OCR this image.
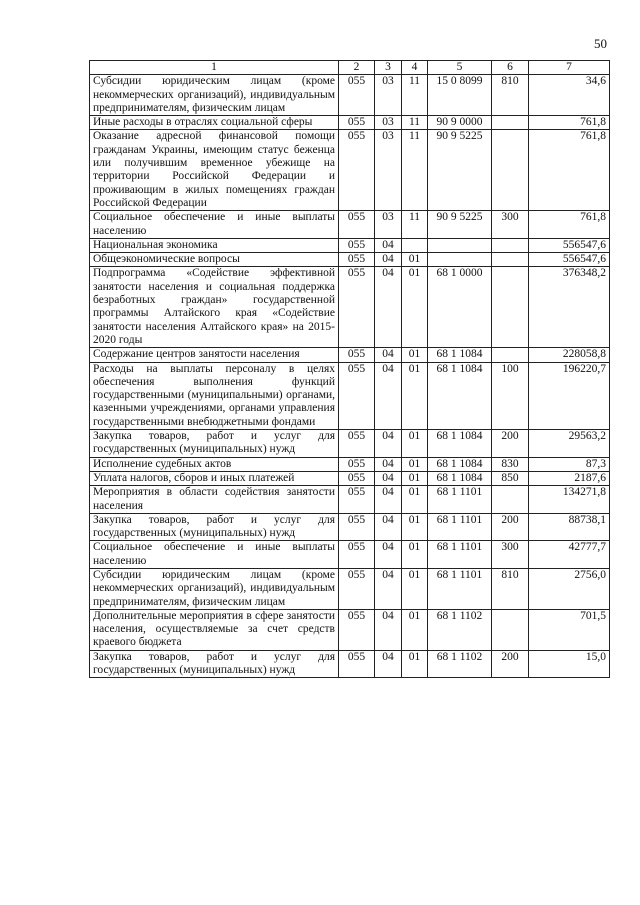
50
1	2	3	4	5	6	7
Субсидии юридическим лицам (кроме некоммерческих организаций), индивидуальным предпринимателям, физическим лицам	055	03	11	15 0 8099	810	34,6
Иные расходы в отраслях социальной сферы	055	03	11	90 9 0000		761,8
Оказание адресной финансовой помощи гражданам Украины, имеющим статус беженца или получившим временное убежище на территории Российской Федерации и проживающим в жилых помещениях граждан Российской Федерации	055	03	11	90 9 5225		761,8
Социальное обеспечение и иные выплаты населению	055	03	11	90 9 5225	300	761,8
Национальная экономика	055	04				556547,6
Общеэкономические вопросы	055	04	01			556547,6
Подпрограмма «Содействие эффективной занятости населения и социальная поддержка безработных граждан» государственной программы Алтайского края «Содействие занятости населения Алтайского края» на 2015-2020 годы	055	04	01	68 1 0000		376348,2
Содержание центров занятости населения	055	04	01	68 1 1084		228058,8
Расходы на выплаты персоналу в целях обеспечения выполнения функций государственными (муниципальными) органами, казенными учреждениями, органами управления государственными внебюджетными фондами	055	04	01	68 1 1084	100	196220,7
Закупка товаров, работ и услуг для государственных (муниципальных) нужд	055	04	01	68 1 1084	200	29563,2
Исполнение судебных актов	055	04	01	68 1 1084	830	87,3
Уплата налогов, сборов и иных платежей	055	04	01	68 1 1084	850	2187,6
Мероприятия в области содействия занятости населения	055	04	01	68 1 1101		134271,8
Закупка товаров, работ и услуг для государственных (муниципальных) нужд	055	04	01	68 1 1101	200	88738,1
Социальное обеспечение и иные выплаты населению	055	04	01	68 1 1101	300	42777,7
Субсидии юридическим лицам (кроме некоммерческих организаций), индивидуальным предпринимателям, физическим лицам	055	04	01	68 1 1101	810	2756,0
Дополнительные мероприятия в сфере занятости населения, осуществляемые за счет средств краевого бюджета	055	04	01	68 1 1102		701,5
Закупка товаров, работ и услуг для государственных (муниципальных) нужд	055	04	01	68 1 1102	200	15,0
